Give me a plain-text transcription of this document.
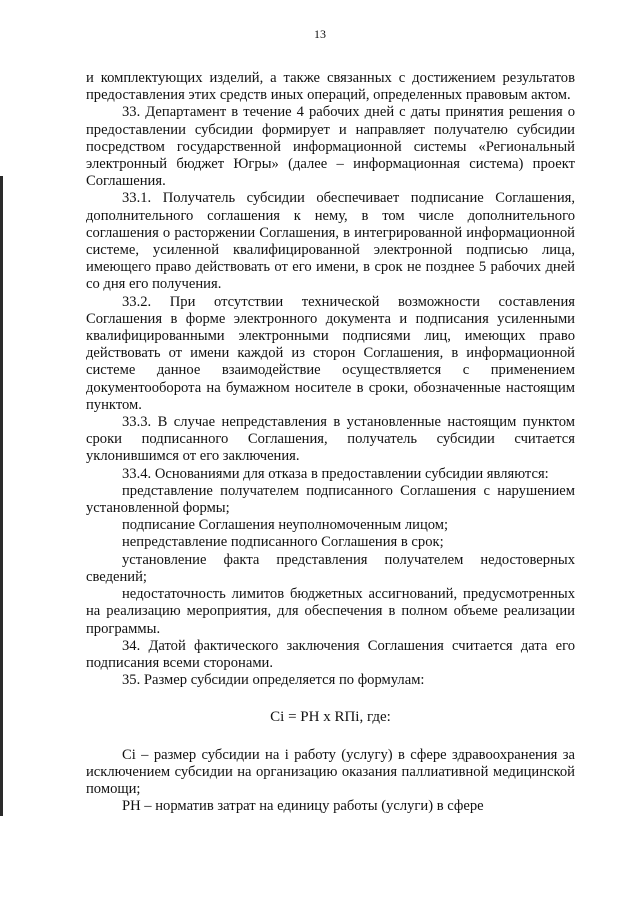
13

и комплектующих изделий, а также связанных с достижением результатов предоставления этих средств иных операций, определенных правовым актом.

33. Департамент в течение 4 рабочих дней с даты принятия решения о предоставлении субсидии формирует и направляет получателю субсидии посредством государственной информационной системы «Региональный электронный бюджет Югры» (далее – информационная система) проект Соглашения.

33.1. Получатель субсидии обеспечивает подписание Соглашения, дополнительного соглашения к нему, в том числе дополнительного соглашения о расторжении Соглашения, в интегрированной информационной системе, усиленной квалифицированной электронной подписью лица, имеющего право действовать от его имени, в срок не позднее 5 рабочих дней со дня его получения.

33.2. При отсутствии технической возможности составления Соглашения в форме электронного документа и подписания усиленными квалифицированными электронными подписями лиц, имеющих право действовать от имени каждой из сторон Соглашения, в информационной системе данное взаимодействие осуществляется с применением документооборота на бумажном носителе в сроки, обозначенные настоящим пунктом.

33.3. В случае непредставления в установленные настоящим пунктом сроки подписанного Соглашения, получатель субсидии считается уклонившимся от его заключения.

33.4. Основаниями для отказа в предоставлении субсидии являются:

представление получателем подписанного Соглашения с нарушением установленной формы;

подписание Соглашения неуполномоченным лицом;

непредставление подписанного Соглашения в срок;

установление факта представления получателем недостоверных сведений;

недостаточность лимитов бюджетных ассигнований, предусмотренных на реализацию мероприятия, для обеспечения в полном объеме реализации программы.

34. Датой фактического заключения Соглашения считается дата его подписания всеми сторонами.

35. Размер субсидии определяется по формулам:

Ci = PH x RПi, где:

Ci – размер субсидии на i работу (услугу) в сфере здравоохранения за исключением субсидии на организацию оказания паллиативной медицинской помощи;

PH – норматив затрат на единицу работы (услуги) в сфере
